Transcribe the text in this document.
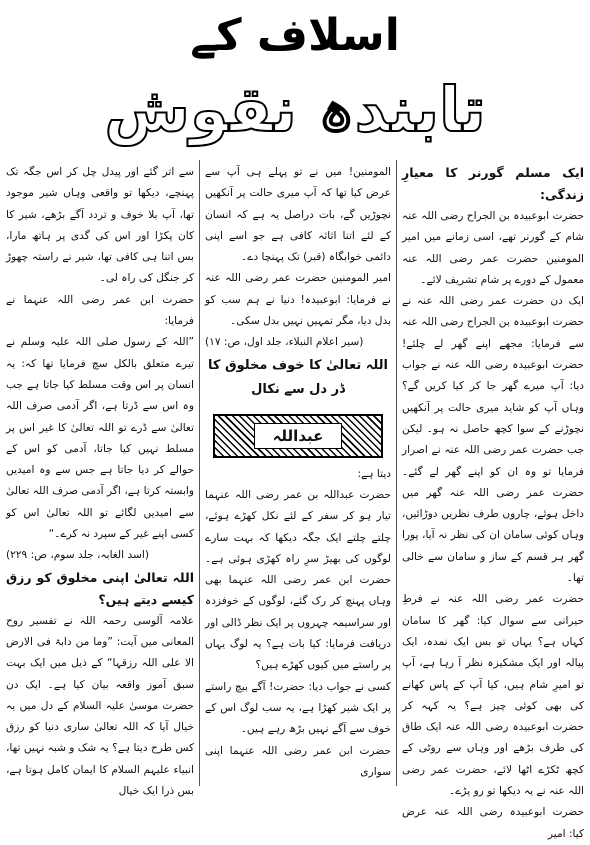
اسلاف کے
تابندہ نقوش

ایک مسلم گورنر کا معیارِ زندگی:

حضرت ابوعبیدہ بن الجراح رضی اللہ عنہ شام کے گورنر تھے، اسی زمانے میں امیر المومنین حضرت عمر رضی اللہ عنہ معمول کے دورے پر شام تشریف لائے۔

ایک دن حضرت عمر رضی اللہ عنہ نے حضرت ابوعبیدہ بن الجراح رضی اللہ عنہ سے فرمایا: مجھے اپنے گھر لے چلئے! حضرت ابوعبیدہ رضی اللہ عنہ نے جواب دیا: آپ میرے گھر جا کر کیا کریں گے؟ وہاں آپ کو شاید میری حالت پر آنکھیں نچوڑنے کے سوا کچھ حاصل نہ ہو۔ لیکن جب حضرت عمر رضی اللہ عنہ نے اصرار فرمایا تو وہ ان کو اپنے گھر لے گئے۔ حضرت عمر رضی اللہ عنہ گھر میں داخل ہوئے، چاروں طرف نظریں دوڑائیں، وہاں کوئی سامان ان کی نظر نہ آیا، پورا گھر ہر قسم کے ساز و سامان سے خالی تھا۔

حضرت عمر رضی اللہ عنہ نے فرطِ حیرانی سے سوال کیا: گھر کا سامان کہاں ہے؟ یہاں تو بس ایک نمدہ، ایک پیالہ اور ایک مشکیزہ نظر آ رہا ہے، آپ تو امیرِ شام ہیں، کیا آپ کے پاس کھانے کی بھی کوئی چیز ہے؟ یہ کہہ کر حضرت ابوعبیدہ رضی اللہ عنہ ایک طاق کی طرف بڑھے اور وہاں سے روٹی کے کچھ ٹکڑے اٹھا لائے، حضرت عمر رضی اللہ عنہ نے یہ دیکھا تو رو پڑے۔

حضرت ابوعبیدہ رضی اللہ عنہ عرض کیا: امیر

المومنین! میں نے تو پہلے ہی آپ سے عرض کیا تھا کہ آپ میری حالت پر آنکھیں نچوڑیں گے، بات دراصل یہ ہے کہ انسان کے لئے اتنا اثاثہ کافی ہے جو اسے اپنی دائمی خوابگاہ (قبر) تک پہنچا دے۔

امیر المومنین حضرت عمر رضی اللہ عنہ نے فرمایا: ابوعبیدہ! دنیا نے ہم سب کو بدل دیا، مگر تمہیں نہیں بدل سکی۔

(سیر اعلام النبلاء، جلد اول، ص: ۱۷)

اللہ تعالیٰ کا خوف مخلوق کا ڈر دل سے نکال

عبداللہ

دیتا ہے:

حضرت عبداللہ بن عمر رضی اللہ عنہما تیار ہو کر سفر کے لئے نکل کھڑے ہوئے، چلتے چلتے ایک جگہ دیکھا کہ بہت سارے لوگوں کی بھیڑ سرِ راہ کھڑی ہوئی ہے۔ حضرت ابن عمر رضی اللہ عنہما بھی وہاں پہنچ کر رک گئے، لوگوں کے خوفزدہ اور سراسیمہ چہروں پر ایک نظر ڈالی اور دریافت فرمایا: کیا بات ہے؟ یہ لوگ یہاں پر راستے میں کیوں کھڑے ہیں؟

کسی نے جواب دیا: حضرت! آگے بیچ راستے پر ایک شیر کھڑا ہے، یہ سب لوگ اس کے خوف سے آگے نہیں بڑھ رہے ہیں۔

حضرت ابن عمر رضی اللہ عنہما اپنی سواری

سے اتر گئے اور پیدل چل کر اس جگہ تک پہنچے، دیکھا تو واقعی وہاں شیر موجود تھا، آپ بلا خوف و تردد آگے بڑھے، شیر کا کان پکڑا اور اس کی گدی پر ہاتھ مارا، بس اتنا ہی کافی تھا، شیر نے راستہ چھوڑ کر جنگل کی راہ لی۔

حضرت ابن عمر رضی اللہ عنہما نے فرمایا:

”اللہ کے رسول صلی اللہ علیہ وسلم نے تیرے متعلق بالکل سچ فرمایا تھا کہ: یہ انسان پر اس وقت مسلط کیا جاتا ہے جب وہ اس سے ڈرتا ہے، اگر آدمی صرف اللہ تعالیٰ سے ڈرے تو اللہ تعالیٰ کا غیر اس پر مسلط نہیں کیا جاتا، آدمی کو اس کے حوالے کر دیا جاتا ہے جس سے وہ امیدیں وابستہ کرتا ہے، اگر آدمی صرف اللہ تعالیٰ سے امیدیں لگائے تو اللہ تعالیٰ اس کو کسی اپنے غیر کے سپرد نہ کرے۔“

(اسد الغابہ، جلد سوم، ص: ۲۲۹)

اللہ تعالیٰ اپنی مخلوق کو رزق کیسے دیتے ہیں؟

علامہ آلوسی رحمہ اللہ نے تفسیر روح المعانی میں آیت: ”وما من دابۃ فی الارض الا علی اللہ رزقہا“ کے ذیل میں ایک بہت سبق آموز واقعہ بیان کیا ہے۔ ایک دن حضرت موسیٰ علیہ السلام کے دل میں یہ خیال آیا کہ اللہ تعالیٰ ساری دنیا کو رزق کس طرح دیتا ہے؟ یہ شک و شبہ نہیں تھا، انبیاء علیہم السلام کا ایمان کامل ہوتا ہے، بس ذرا ایک خیال
